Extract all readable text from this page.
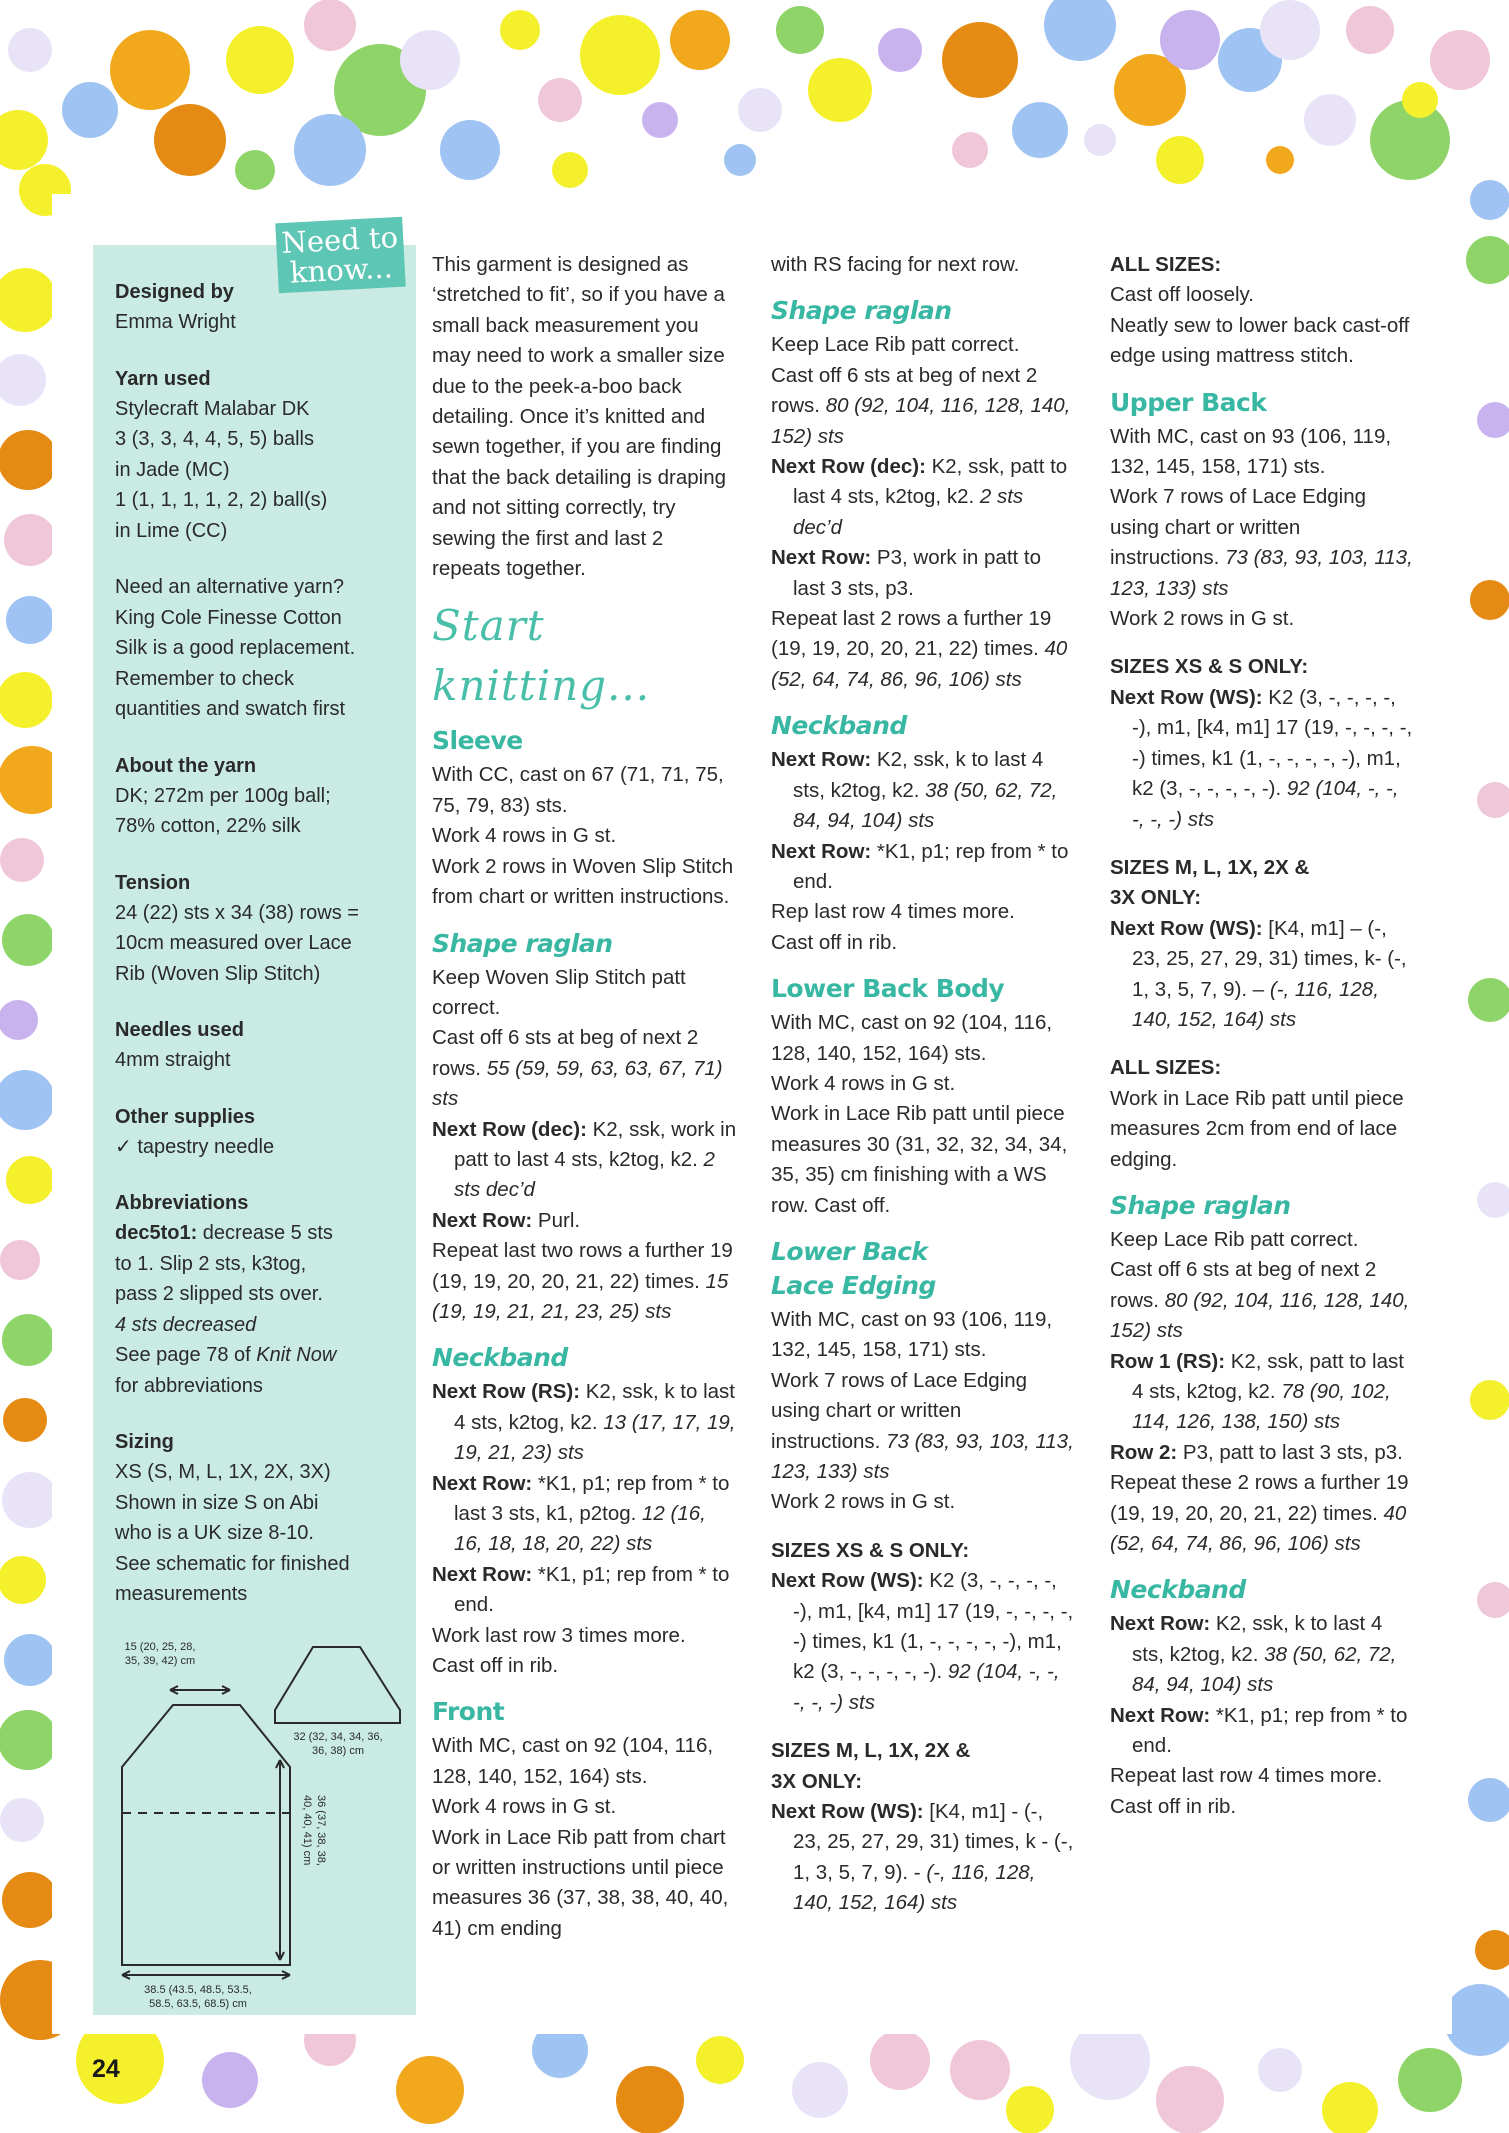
Need to
know...
Designed by
Emma Wright
Yarn used
Stylecraft Malabar DK
3 (3, 3, 4, 4, 5, 5) balls
in Jade (MC)
1 (1, 1, 1, 1, 2, 2) ball(s)
in Lime (CC)
Need an alternative yarn?
King Cole Finesse Cotton
Silk is a good replacement.
Remember to check
quantities and swatch first
About the yarn
DK; 272m per 100g ball;
78% cotton, 22% silk
Tension
24 (22) sts x 34 (38) rows =
10cm measured over Lace
Rib (Woven Slip Stitch)
Needles used
4mm straight
Other supplies
✓ tapestry needle
Abbreviations
dec5to1: decrease 5 sts
to 1. Slip 2 sts, k3tog,
pass 2 slipped sts over.
4 sts decreased
See page 78 of Knit Now
for abbreviations
Sizing
XS (S, M, L, 1X, 2X, 3X)
Shown in size S on Abi
who is a UK size 8-10.
See schematic for finished
measurements
15 (20, 25, 28,
35, 39, 42) cm
32 (32, 34, 34, 36,
36, 38) cm
36 (37, 38, 38,
40, 40, 41) cm
38.5 (43.5, 48.5, 53.5,
58.5, 63.5, 68.5) cm

This garment is designed as ‘stretched to fit’, so if you have a small back measurement you may need to work a smaller size due to the peek-a-boo back detailing. Once it’s knitted and sewn together, if you are finding that the back detailing is draping and not sitting correctly, try sewing the first and last 2 repeats together.

Start knitting...
Sleeve

With CC, cast on 67 (71, 71, 75, 75, 79, 83) sts.

Work 4 rows in G st.

Work 2 rows in Woven Slip Stitch from chart or written instructions.

Shape raglan

Keep Woven Slip Stitch patt correct.

Cast off 6 sts at beg of next 2 rows. 55 (59, 59, 63, 63, 67, 71) sts

Next Row (dec): K2, ssk, work in patt to last 4 sts, k2tog, k2. 2 sts dec’d

Next Row: Purl.

Repeat last two rows a further 19 (19, 19, 20, 20, 21, 22) times. 15 (19, 19, 21, 21, 23, 25) sts

Neckband

Next Row (RS): K2, ssk, k to last 4 sts, k2tog, k2. 13 (17, 17, 19, 19, 21, 23) sts

Next Row: *K1, p1; rep from * to last 3 sts, k1, p2tog. 12 (16, 16, 18, 18, 20, 22) sts

Next Row: *K1, p1; rep from * to end.

Work last row 3 times more.

Cast off in rib.

Front

With MC, cast on 92 (104, 116, 128, 140, 152, 164) sts.

Work 4 rows in G st.

Work in Lace Rib patt from chart or written instructions until piece measures 36 (37, 38, 38, 40, 40, 41) cm ending

with RS facing for next row.

Shape raglan

Keep Lace Rib patt correct.

Cast off 6 sts at beg of next 2 rows. 80 (92, 104, 116, 128, 140, 152) sts

Next Row (dec): K2, ssk, patt to last 4 sts, k2tog, k2. 2 sts dec’d

Next Row: P3, work in patt to last 3 sts, p3.

Repeat last 2 rows a further 19 (19, 19, 20, 20, 21, 22) times. 40 (52, 64, 74, 86, 96, 106) sts

Neckband

Next Row: K2, ssk, k to last 4 sts, k2tog, k2. 38 (50, 62, 72, 84, 94, 104) sts

Next Row: *K1, p1; rep from * to end.

Rep last row 4 times more.

Cast off in rib.

Lower Back Body

With MC, cast on 92 (104, 116, 128, 140, 152, 164) sts.

Work 4 rows in G st.

Work in Lace Rib patt until piece measures 30 (31, 32, 32, 34, 34, 35, 35) cm finishing with a WS row. Cast off.

Lower Back
Lace Edging

With MC, cast on 93 (106, 119, 132, 145, 158, 171) sts.

Work 7 rows of Lace Edging using chart or written instructions. 73 (83, 93, 103, 113, 123, 133) sts

Work 2 rows in G st.

SIZES XS & S ONLY:

Next Row (WS): K2 (3, -, -, -, -, -), m1, [k4, m1] 17 (19, -, -, -, -, -) times, k1 (1, -, -, -, -, -), m1, k2 (3, -, -, -, -, -). 92 (104, -, -, -, -, -) sts

SIZES M, L, 1X, 2X &
3X ONLY:

Next Row (WS): [K4, m1] - (-, 23, 25, 27, 29, 31) times, k - (-, 1, 3, 5, 7, 9). - (-, 116, 128, 140, 152, 164) sts

ALL SIZES:

Cast off loosely.

Neatly sew to lower back cast-off edge using mattress stitch.

Upper Back

With MC, cast on 93 (106, 119, 132, 145, 158, 171) sts.

Work 7 rows of Lace Edging using chart or written instructions. 73 (83, 93, 103, 113, 123, 133) sts

Work 2 rows in G st.

SIZES XS & S ONLY:

Next Row (WS): K2 (3, -, -, -, -, -), m1, [k4, m1] 17 (19, -, -, -, -, -) times, k1 (1, -, -, -, -, -), m1, k2 (3, -, -, -, -, -). 92 (104, -, -, -, -, -) sts

SIZES M, L, 1X, 2X &
3X ONLY:

Next Row (WS): [K4, m1] – (-, 23, 25, 27, 29, 31) times, k- (-, 1, 3, 5, 7, 9). – (-, 116, 128, 140, 152, 164) sts

ALL SIZES:

Work in Lace Rib patt until piece measures 2cm from end of lace edging.

Shape raglan

Keep Lace Rib patt correct.

Cast off 6 sts at beg of next 2 rows. 80 (92, 104, 116, 128, 140, 152) sts

Row 1 (RS): K2, ssk, patt to last 4 sts, k2tog, k2. 78 (90, 102, 114, 126, 138, 150) sts

Row 2: P3, patt to last 3 sts, p3.

Repeat these 2 rows a further 19 (19, 19, 20, 20, 21, 22) times. 40 (52, 64, 74, 86, 96, 106) sts

Neckband

Next Row: K2, ssk, k to last 4 sts, k2tog, k2. 38 (50, 62, 72, 84, 94, 104) sts

Next Row: *K1, p1; rep from * to end.

Repeat last row 4 times more.

Cast off in rib.

24
